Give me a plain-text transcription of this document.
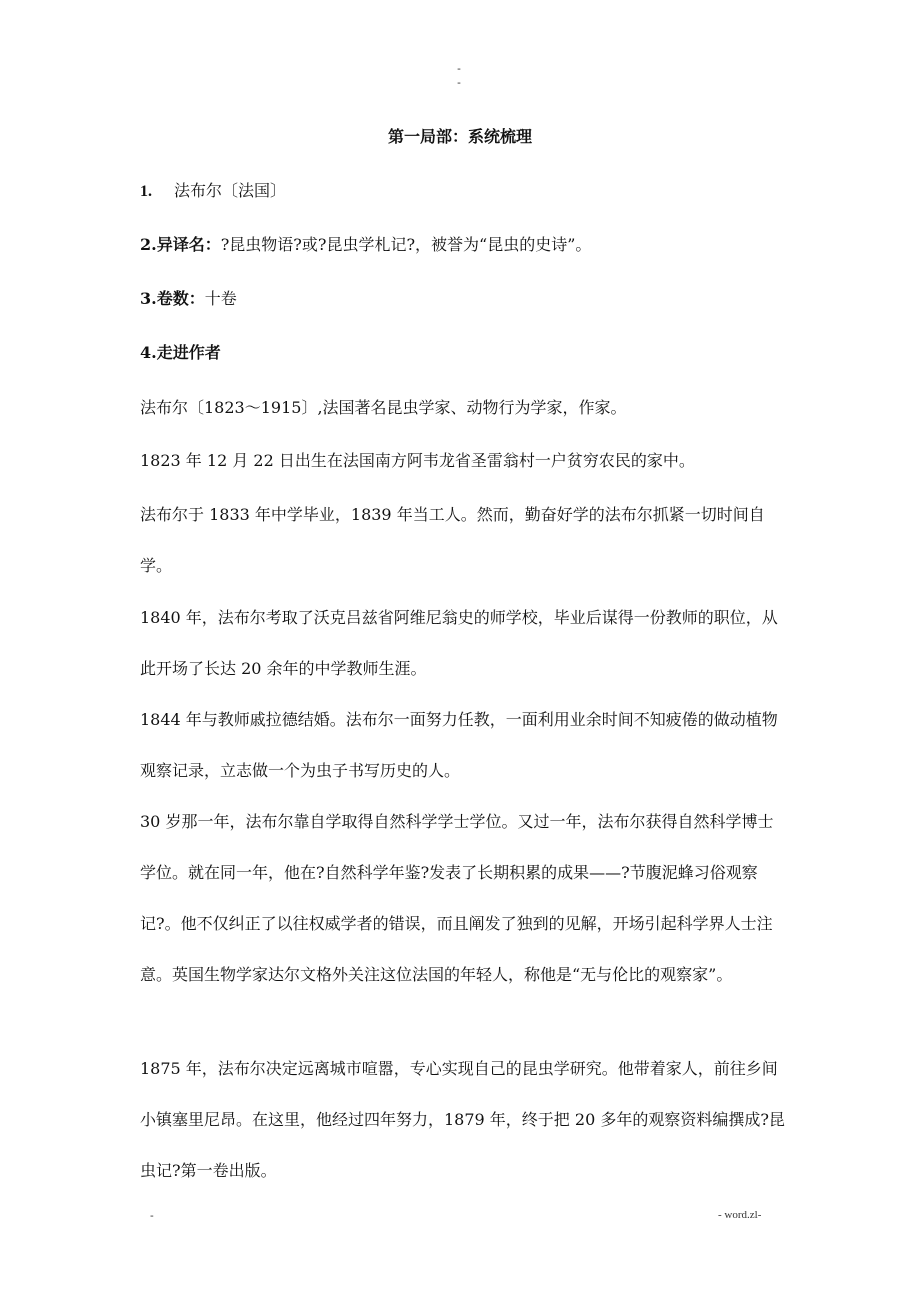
-
-
第一局部：系统梳理
1. 法布尔〔法国〕
2.异译名：?昆虫物语?或?昆虫学札记?，被誉为“昆虫的史诗”。
3.卷数：十卷
4.走进作者
法布尔〔1823～1915〕,法国著名昆虫学家、动物行为学家，作家。
1823 年 12 月 22 日出生在法国南方阿韦龙省圣雷翁村一户贫穷农民的家中。
法布尔于 1833 年中学毕业，1839 年当工人。然而，勤奋好学的法布尔抓紧一切时间自学。
1840 年，法布尔考取了沃克吕兹省阿维尼翁史的师学校，毕业后谋得一份教师的职位，从此开场了长达 20 余年的中学教师生涯。
1844 年与教师戚拉德结婚。法布尔一面努力任教，一面利用业余时间不知疲倦的做动植物观察记录，立志做一个为虫子书写历史的人。
30 岁那一年，法布尔靠自学取得自然科学学士学位。又过一年，法布尔获得自然科学博士学位。就在同一年，他在?自然科学年鉴?发表了长期积累的成果——?节腹泥蜂习俗观察记?。他不仅纠正了以往权威学者的错误，而且阐发了独到的见解，开场引起科学界人士注意。英国生物学家达尔文格外关注这位法国的年轻人，称他是“无与伦比的观察家”。
1875 年，法布尔决定远离城市喧嚣，专心实现自己的昆虫学研究。他带着家人，前往乡间小镇塞里尼昂。在这里，他经过四年努力，1879 年，终于把 20 多年的观察资料编撰成?昆虫记?第一卷出版。
-	- word.zl-
